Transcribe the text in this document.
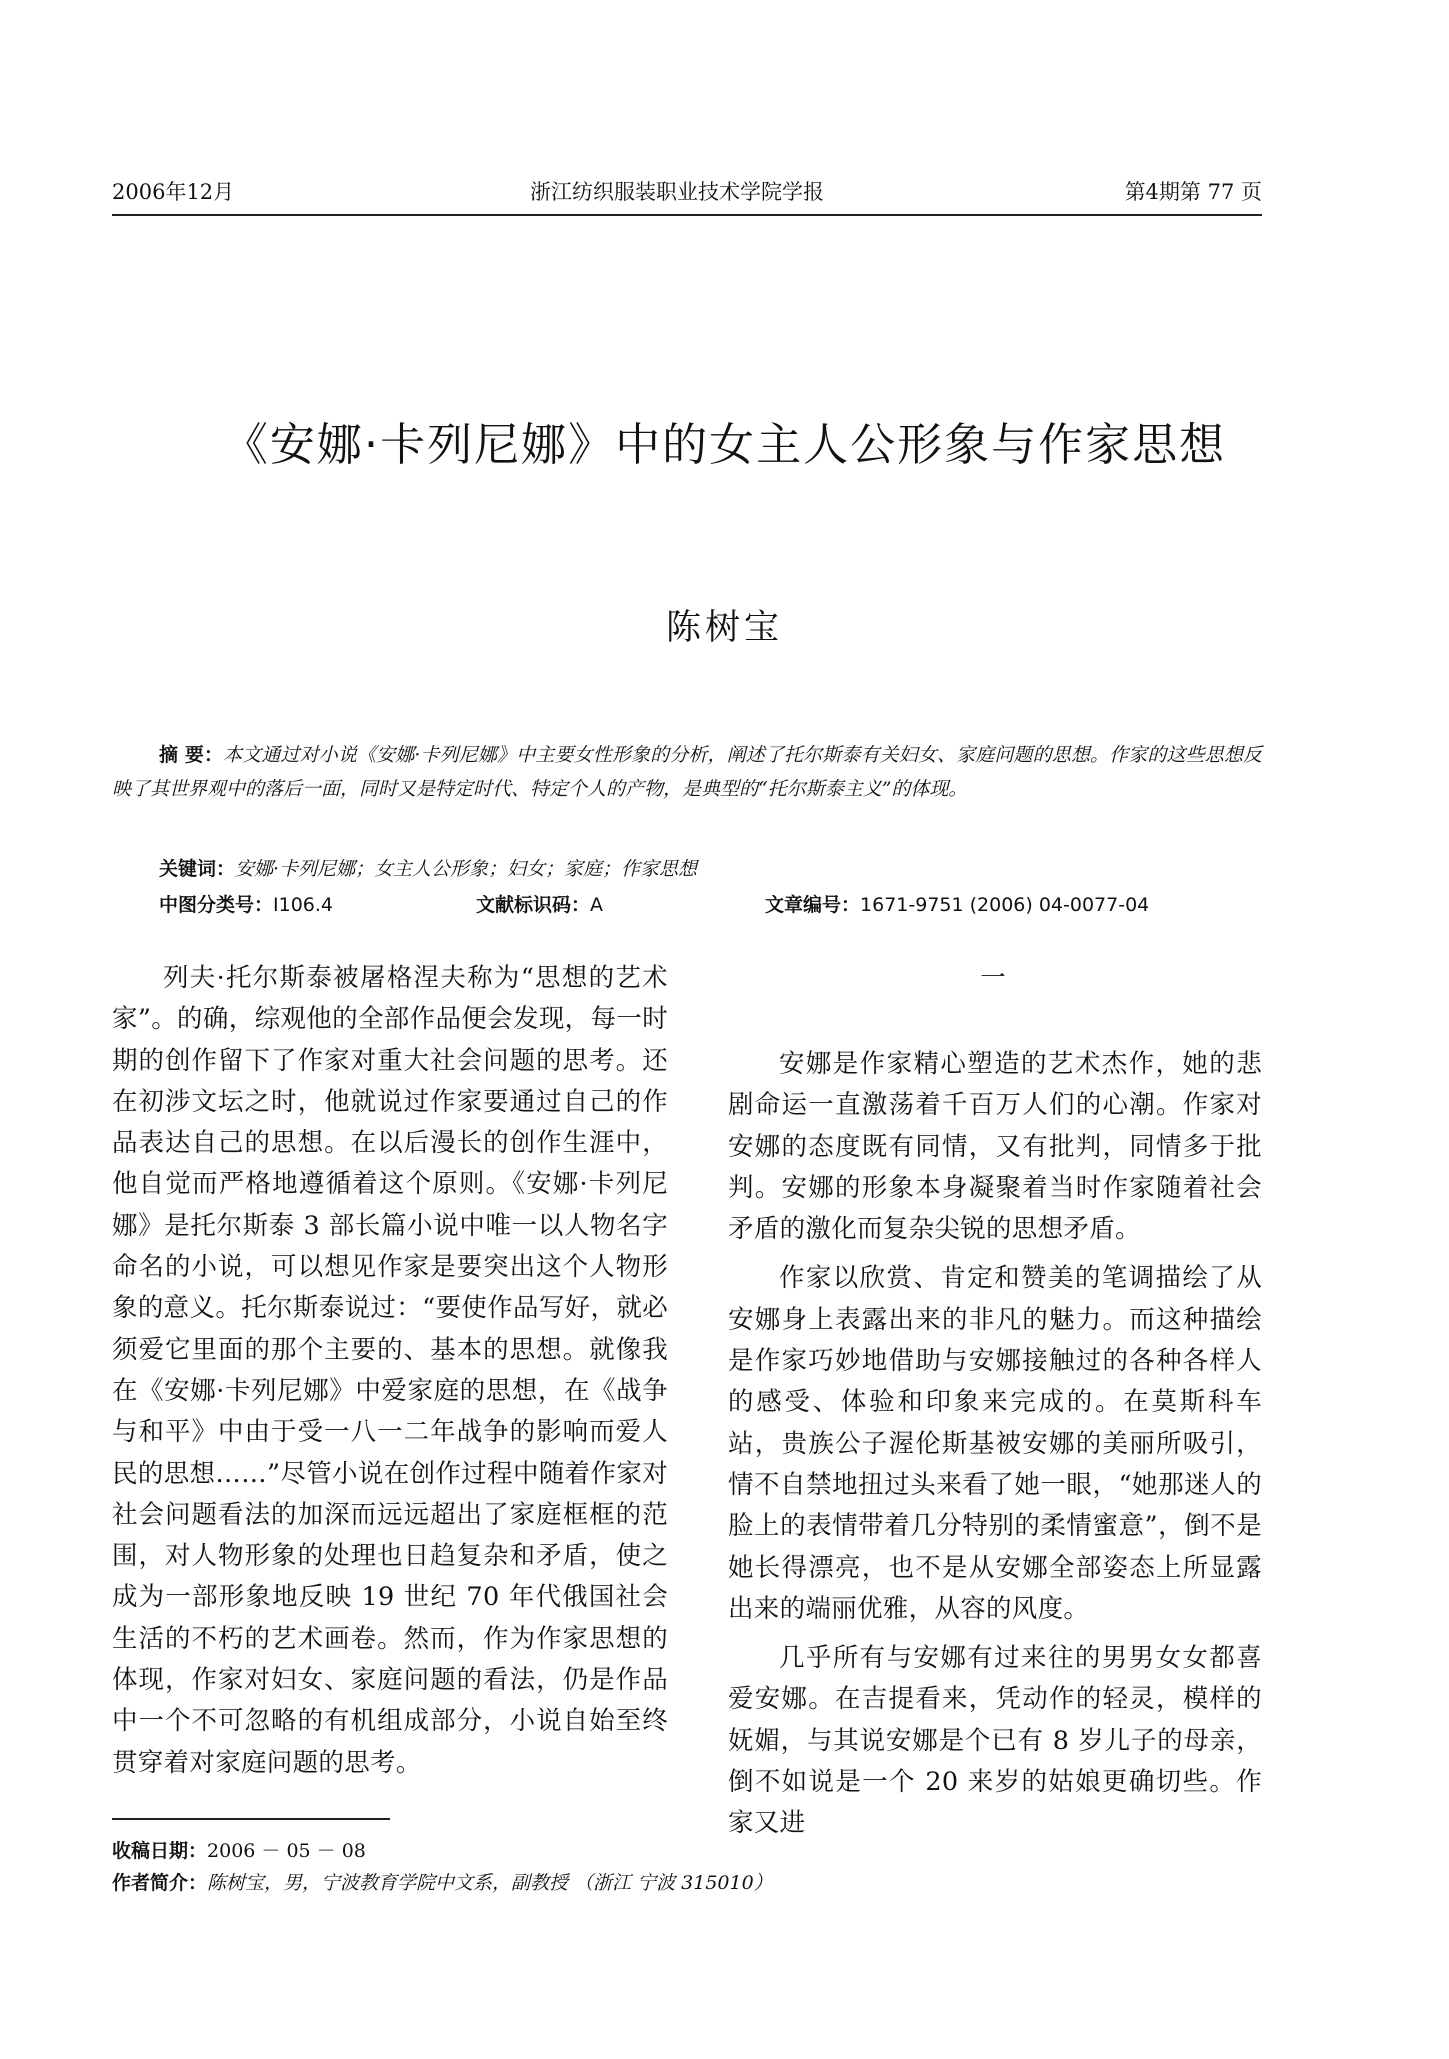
2006年12月	浙江纺织服装职业技术学院学报	第4期第 77 页
《安娜·卡列尼娜》中的女主人公形象与作家思想
陈树宝
摘 要：本文通过对小说《安娜·卡列尼娜》中主要女性形象的分析，阐述了托尔斯泰有关妇女、家庭问题的思想。作家的这些思想反映了其世界观中的落后一面，同时又是特定时代、特定个人的产物，是典型的“托尔斯泰主义”的体现。
关键词：安娜·卡列尼娜；女主人公形象；妇女；家庭；作家思想
中图分类号：I106.4	文献标识码：A	文章编号：1671-9751 (2006) 04-0077-04

列夫·托尔斯泰被屠格涅夫称为“思想的艺术家”。的确，综观他的全部作品便会发现，每一时期的创作留下了作家对重大社会问题的思考。还在初涉文坛之时，他就说过作家要通过自己的作品表达自己的思想。在以后漫长的创作生涯中，他自觉而严格地遵循着这个原则。《安娜·卡列尼娜》是托尔斯泰 3 部长篇小说中唯一以人物名字命名的小说，可以想见作家是要突出这个人物形象的意义。托尔斯泰说过：“要使作品写好，就必须爱它里面的那个主要的、基本的思想。就像我在《安娜·卡列尼娜》中爱家庭的思想，在《战争与和平》中由于受一八一二年战争的影响而爱人民的思想……”尽管小说在创作过程中随着作家对社会问题看法的加深而远远超出了家庭框框的范围，对人物形象的处理也日趋复杂和矛盾，使之成为一部形象地反映 19 世纪 70 年代俄国社会生活的不朽的艺术画卷。然而，作为作家思想的体现，作家对妇女、家庭问题的看法，仍是作品中一个不可忽略的有机组成部分，小说自始至终贯穿着对家庭问题的思考。

一

安娜是作家精心塑造的艺术杰作，她的悲剧命运一直激荡着千百万人们的心潮。作家对安娜的态度既有同情，又有批判，同情多于批判。安娜的形象本身凝聚着当时作家随着社会矛盾的激化而复杂尖锐的思想矛盾。

作家以欣赏、肯定和赞美的笔调描绘了从安娜身上表露出来的非凡的魅力。而这种描绘是作家巧妙地借助与安娜接触过的各种各样人的感受、体验和印象来完成的。在莫斯科车站，贵族公子渥伦斯基被安娜的美丽所吸引，情不自禁地扭过头来看了她一眼，“她那迷人的脸上的表情带着几分特别的柔情蜜意”，倒不是她长得漂亮，也不是从安娜全部姿态上所显露出来的端丽优雅，从容的风度。

几乎所有与安娜有过来往的男男女女都喜爱安娜。在吉提看来，凭动作的轻灵，模样的妩媚，与其说安娜是个已有 8 岁儿子的母亲，倒不如说是一个 20 来岁的姑娘更确切些。作家又进

收稿日期：2006 － 05 － 08
作者简介：陈树宝，男，宁波教育学院中文系，副教授 （浙江 宁波 315010）
